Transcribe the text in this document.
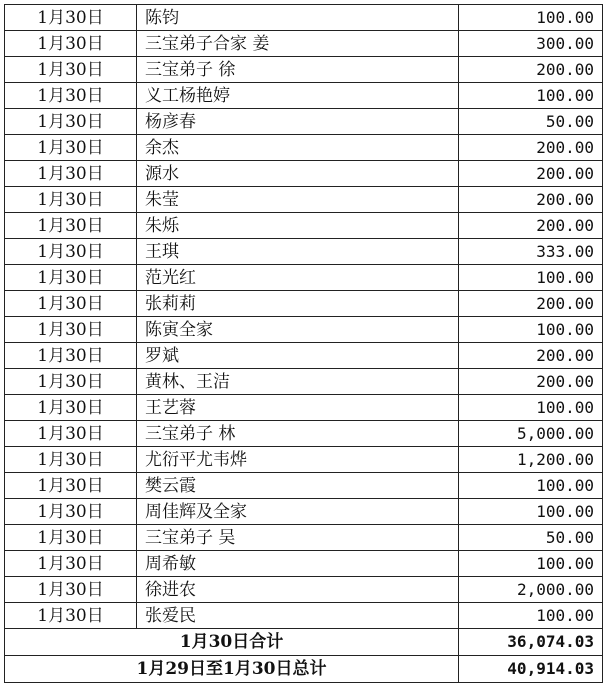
1月30日	陈钧	100.00
1月30日	三宝弟子合家 姜	300.00
1月30日	三宝弟子 徐	200.00
1月30日	义工杨艳婷	100.00
1月30日	杨彦春	50.00
1月30日	余杰	200.00
1月30日	源水	200.00
1月30日	朱莹	200.00
1月30日	朱烁	200.00
1月30日	王琪	333.00
1月30日	范光红	100.00
1月30日	张莉莉	200.00
1月30日	陈寅全家	100.00
1月30日	罗斌	200.00
1月30日	黄林、王洁	200.00
1月30日	王艺蓉	100.00
1月30日	三宝弟子 林	5,000.00
1月30日	尤衍平尤韦烨	1,200.00
1月30日	樊云霞	100.00
1月30日	周佳辉及全家	100.00
1月30日	三宝弟子 吴	50.00
1月30日	周希敏	100.00
1月30日	徐进农	2,000.00
1月30日	张爱民	100.00
1月30日合计		36,074.03
1月29日至1月30日总计		40,914.03
